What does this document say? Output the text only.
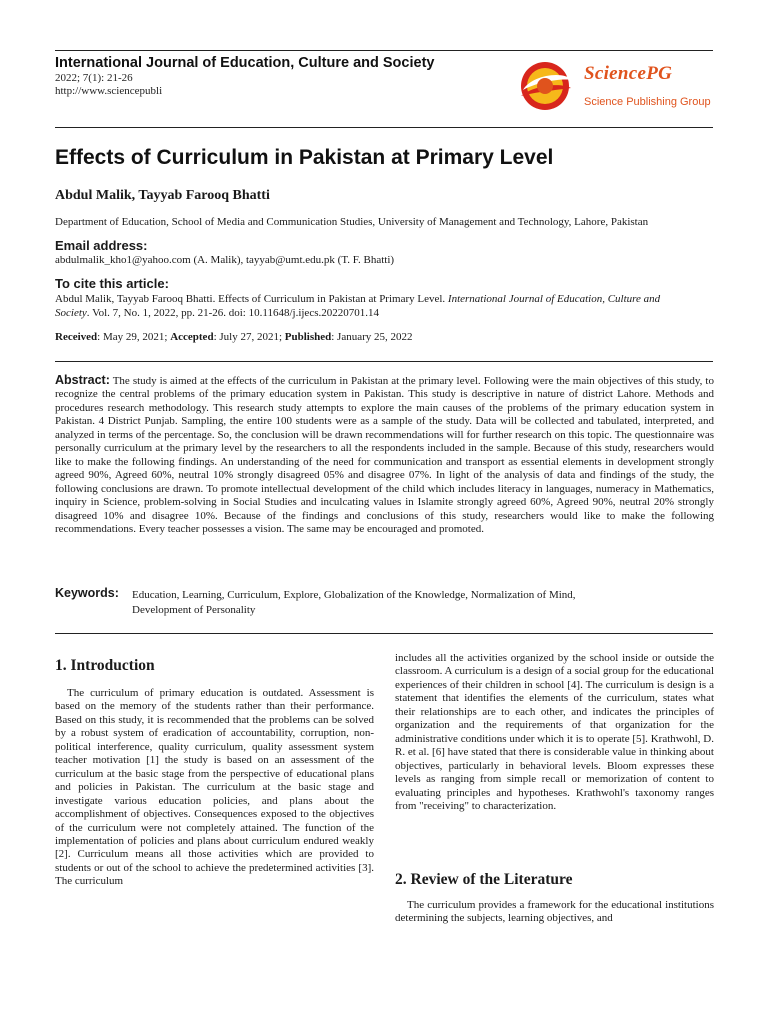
International Journal of Education, Culture and Society
2022; 7(1): 21-26
http://www.sciencepubli
SciencePG
Science Publishing Group
Effects of Curriculum in Pakistan at Primary Level
Abdul Malik, Tayyab Farooq Bhatti
Department of Education, School of Media and Communication Studies, University of Management and Technology, Lahore, Pakistan
Email address:
abdulmalik_kho1@yahoo.com (A. Malik), tayyab@umt.edu.pk (T. F. Bhatti)
To cite this article:
Abdul Malik, Tayyab Farooq Bhatti. Effects of Curriculum in Pakistan at Primary Level. International Journal of Education, Culture and
Society. Vol. 7, No. 1, 2022, pp. 21-26. doi: 10.11648/j.ijecs.20220701.14
Received: May 29, 2021; Accepted: July 27, 2021; Published: January 25, 2022
Abstract: The study is aimed at the effects of the curriculum in Pakistan at the primary level. Following were the main objectives of this study, to recognize the central problems of the primary education system in Pakistan. This study is descriptive in nature of district Lahore. Methods and procedures research methodology. This research study attempts to explore the main causes of the problems of the primary education system in Pakistan. 4 District Punjab. Sampling, the entire 100 students were as a sample of the study. Data will be collected and tabulated, interpreted, and analyzed in terms of the percentage. So, the conclusion will be drawn recommendations will for further research on this topic. The questionnaire was personally curriculum at the primary level by the researchers to all the respondents included in the sample. Because of this study, researchers would like to make the following findings. An understanding of the need for communication and transport as essential elements in development strongly agreed 90%, Agreed 60%, neutral 10% strongly disagreed 05% and disagree 07%. In light of the analysis of data and findings of the study, the following conclusions are drawn. To promote intellectual development of the child which includes literacy in languages, numeracy in Mathematics, inquiry in Science, problem-solving in Social Studies and inculcating values in Islamite strongly agreed 60%, Agreed 90%, neutral 20% strongly disagreed 10% and disagree 10%. Because of the findings and conclusions of this study, researchers would like to make the following recommendations. Every teacher possesses a vision. The same may be encouraged and promoted.
Keywords: Education, Learning, Curriculum, Explore, Globalization of the Knowledge, Normalization of Mind,
Development of Personality
1. Introduction

The curriculum of primary education is outdated. Assessment is based on the memory of the students rather than their performance. Based on this study, it is recommended that the problems can be solved by a robust system of eradication of accountability, corruption, non-political interference, quality curriculum, quality assessment system teacher motivation [1] the study is based on an assessment of the curriculum at the basic stage from the perspective of educational plans and policies in Pakistan. The curriculum at the basic stage and investigate various education policies, and plans about the accomplishment of objectives. Consequences exposed to the objectives of the curriculum were not completely attained. The function of the implementation of policies and plans about curriculum endured weakly [2]. Curriculum means all those activities which are provided to students or out of the school to achieve the predetermined activities [3]. The curriculum

includes all the activities organized by the school inside or outside the classroom. A curriculum is a design of a social group for the educational experiences of their children in school [4]. The curriculum is design is a statement that identifies the elements of the curriculum, states what their relationships are to each other, and indicates the principles of organization and the requirements of that organization for the administrative conditions under which it is to operate [5]. Krathwohl, D. R. et al. [6] have stated that there is considerable value in thinking about objectives, particularly in behavioral levels. Bloom expresses these levels as ranging from simple recall or memorization of content to evaluating principles and hypotheses. Krathwohl's taxonomy ranges from "receiving" to characterization.

2. Review of the Literature

The curriculum provides a framework for the educational institutions determining the subjects, learning objectives, and
